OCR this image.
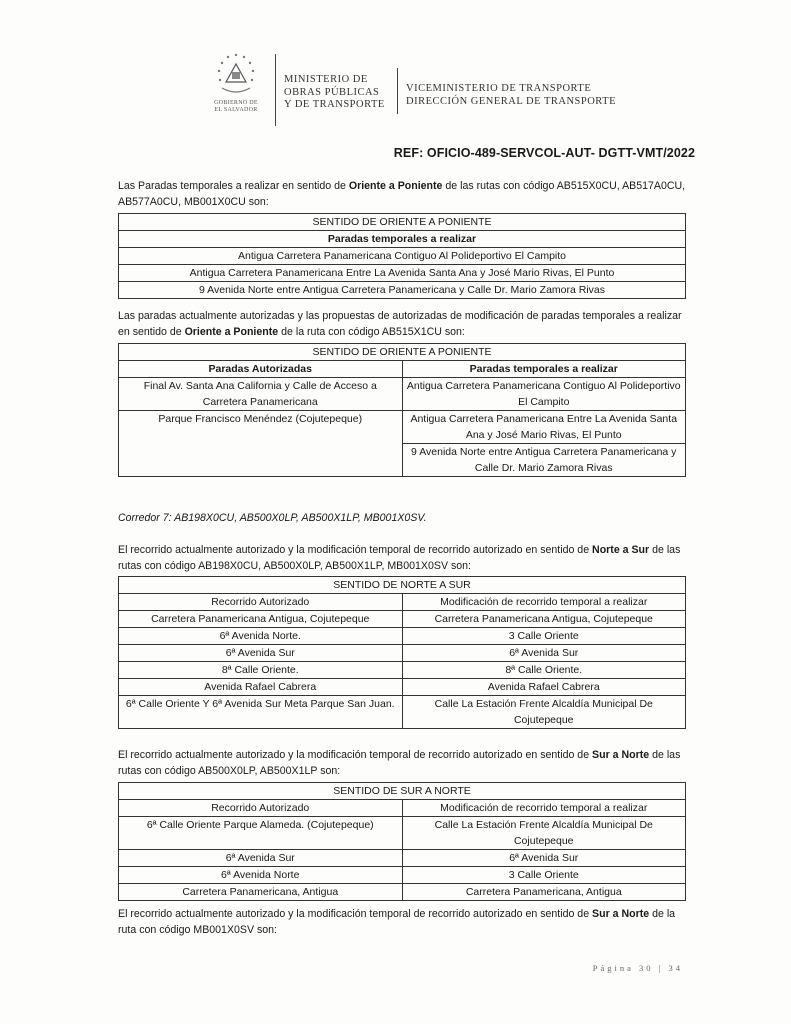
GOBIERNO DE
EL SALVADOR
MINISTERIO DE
OBRAS PÚBLICAS
Y DE TRANSPORTE
VICEMINISTERIO DE TRANSPORTE
DIRECCIÓN GENERAL DE TRANSPORTE
REF: OFICIO-489-SERVCOL-AUT- DGTT-VMT/2022
Las Paradas temporales a realizar en sentido de Oriente a Poniente de las rutas con código AB515X0CU, AB517A0CU, AB577A0CU, MB001X0CU son:
SENTIDO DE ORIENTE A PONIENTE
Paradas temporales a realizar
Antigua Carretera Panamericana Contiguo Al Polideportivo El Campito
Antigua Carretera Panamericana Entre La Avenida Santa Ana y José Mario Rivas, El Punto
9 Avenida Norte entre Antigua Carretera Panamericana y Calle Dr. Mario Zamora Rivas
Las paradas actualmente autorizadas y las propuestas de autorizadas de modificación de paradas temporales a realizar en sentido de Oriente a Poniente de la ruta con código AB515X1CU son:
SENTIDO DE ORIENTE A PONIENTE	
Paradas Autorizadas	Paradas temporales a realizar
Final Av. Santa Ana California y Calle de Acceso a Carretera Panamericana	Antigua Carretera Panamericana Contiguo Al Polideportivo El Campito
Parque Francisco Menéndez (Cojutepeque)	Antigua Carretera Panamericana Entre La Avenida Santa Ana y José Mario Rivas, El Punto
	9 Avenida Norte entre Antigua Carretera Panamericana y Calle Dr. Mario Zamora Rivas
Corredor 7: AB198X0CU, AB500X0LP, AB500X1LP, MB001X0SV.
El recorrido actualmente autorizado y la modificación temporal de recorrido autorizado en sentido de Norte a Sur de las rutas con código AB198X0CU, AB500X0LP, AB500X1LP, MB001X0SV son:
SENTIDO DE NORTE A SUR	
Recorrido Autorizado	Modificación de recorrido temporal a realizar
Carretera Panamericana Antigua, Cojutepeque	Carretera Panamericana Antigua, Cojutepeque
6ª Avenida Norte.	3 Calle Oriente
6ª Avenida Sur	6ª Avenida Sur
8ª Calle Oriente.	8ª Calle Oriente.
Avenida Rafael Cabrera	Avenida Rafael Cabrera
6ª Calle Oriente Y 6ª Avenida Sur Meta Parque San Juan.	Calle La Estación Frente Alcaldía Municipal De Cojutepeque
El recorrido actualmente autorizado y la modificación temporal de recorrido autorizado en sentido de Sur a Norte de las rutas con código AB500X0LP, AB500X1LP son:
SENTIDO DE SUR A NORTE	
Recorrido Autorizado	Modificación de recorrido temporal a realizar
6ª Calle Oriente Parque Alameda. (Cojutepeque)	Calle La Estación Frente Alcaldía Municipal De Cojutepeque
6ª Avenida Sur	6ª Avenida Sur
6ª Avenida Norte	3 Calle Oriente
Carretera Panamericana, Antigua	Carretera Panamericana, Antigua
El recorrido actualmente autorizado y la modificación temporal de recorrido autorizado en sentido de Sur a Norte de la ruta con código MB001X0SV son:
Página 30 | 34
